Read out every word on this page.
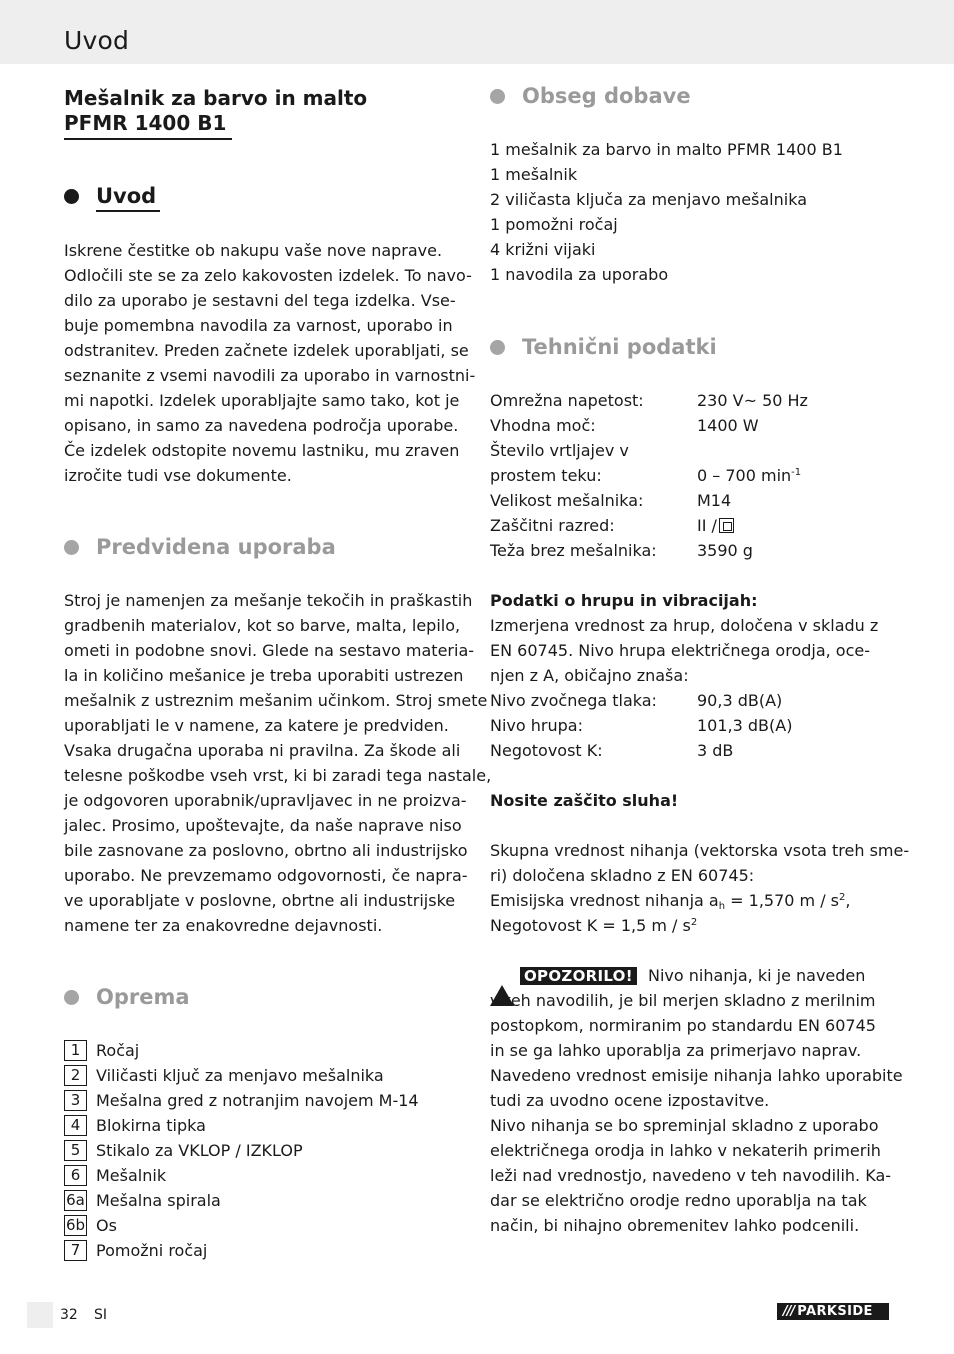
Uvod
Mešalnik za barvo in malto
PFMR 1400 B1
Uvod
Iskrene čestitke ob nakupu vaše nove naprave.
Odločili ste se za zelo kakovosten izdelek. To navo-
dilo za uporabo je sestavni del tega izdelka. Vse-
buje pomembna navodila za varnost, uporabo in
odstranitev. Preden začnete izdelek uporabljati, se
seznanite z vsemi navodili za uporabo in varnostni-
mi napotki. Izdelek uporabljajte samo tako, kot je
opisano, in samo za navedena področja uporabe.
Če izdelek odstopite novemu lastniku, mu zraven
izročite tudi vse dokumente.
Predvidena uporaba
Stroj je namenjen za mešanje tekočih in praškastih
gradbenih materialov, kot so barve, malta, lepilo,
ometi in podobne snovi. Glede na sestavo materia-
la in količino mešanice je treba uporabiti ustrezen
mešalnik z ustreznim mešanim učinkom. Stroj smete
uporabljati le v namene, za katere je predviden.
Vsaka drugačna uporaba ni pravilna. Za škode ali
telesne poškodbe vseh vrst, ki bi zaradi tega nastale,
je odgovoren uporabnik/upravljavec in ne proizva-
jalec. Prosimo, upoštevajte, da naše naprave niso
bile zasnovane za poslovno, obrtno ali industrijsko
uporabo. Ne prevzemamo odgovornosti, če napra-
ve uporabljate v poslovne, obrtne ali industrijske
namene ter za enakovredne dejavnosti.
Oprema
1 Ročaj
2 Viličasti ključ za menjavo mešalnika
3 Mešalna gred z notranjim navojem M-14
4 Blokirna tipka
5 Stikalo za VKLOP / IZKLOP
6 Mešalnik
6a Mešalna spirala
6b Os
7 Pomožni ročaj
Obseg dobave
1 mešalnik za barvo in malto PFMR 1400 B1
1 mešalnik
2 viličasta ključa za menjavo mešalnika
1 pomožni ročaj
4 križni vijaki
1 navodila za uporabo
Tehnični podatki
Omrežna napetost:	230 V~ 50 Hz
Vhodna moč:	1400 W
Število vrtljajev v
prostem teku:	0 – 700 $\min^{-1}$
Velikost mešalnika:	M14
Zaščitni razred:	II /
Teža brez mešalnika:	3590 g
Podatki o hrupu in vibracijah:
Izmerjena vrednost za hrup, določena v skladu z
EN 60745. Nivo hrupa električnega orodja, oce-
njen z A, običajno znaša:
Nivo zvočnega tlaka:	90,3 dB(A)
Nivo hrupa:	101,3 dB(A)
Negotovost K:	3 dB
Nosite zaščito sluha!
Skupna vrednost nihanja (vektorska vsota treh sme-
ri) določena skladno z EN 60745:
Emisijska vrednost nihanja $a_h = 1,570$ m / $s^2$,
Negotovost K = 1,5 m / $s^2$
! OPOZORILO! Nivo nihanja, ki je naveden
v teh navodilih, je bil merjen skladno z merilnim
postopkom, normiranim po standardu EN 60745
in se ga lahko uporablja za primerjavo naprav.
Navedeno vrednost emisije nihanja lahko uporabite
tudi za uvodno ocene izpostavitve.
Nivo nihanja se bo spreminjal skladno z uporabo
električnega orodja in lahko v nekaterih primerih
leži nad vrednostjo, navedeno v teh navodilih. Ka-
dar se električno orodje redno uporablja na tak
način, bi nihajno obremenitev lahko podcenili.
32 SI	/// PARKSIDE
